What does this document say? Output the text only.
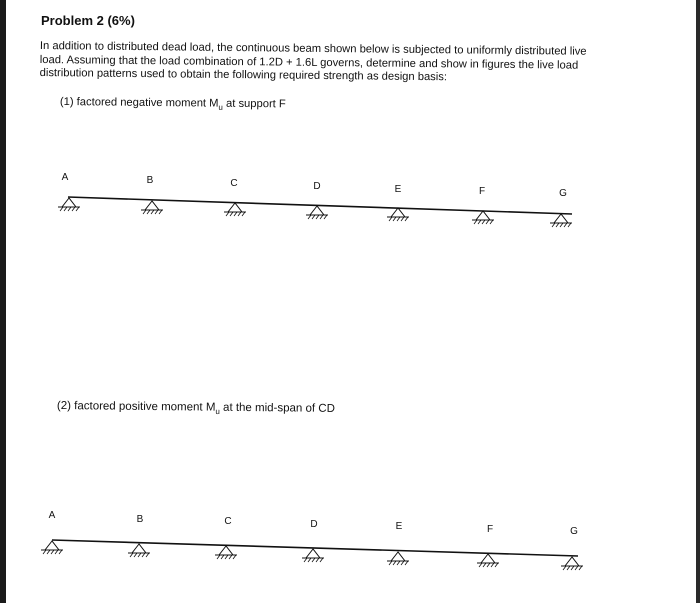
Problem 2 (6%)
In addition to distributed dead load, the continuous beam shown below is subjected to uniformly distributed live load. Assuming that the load combination of 1.2D + 1.6L governs, determine and show in figures the live load distribution patterns used to obtain the following required strength as design basis:
(1) factored negative moment $M_u$ at support F
A	B	C	D	E	F	G
(2) factored positive moment $M_u$ at the mid-span of CD
A	B	C	D	E	F	G
